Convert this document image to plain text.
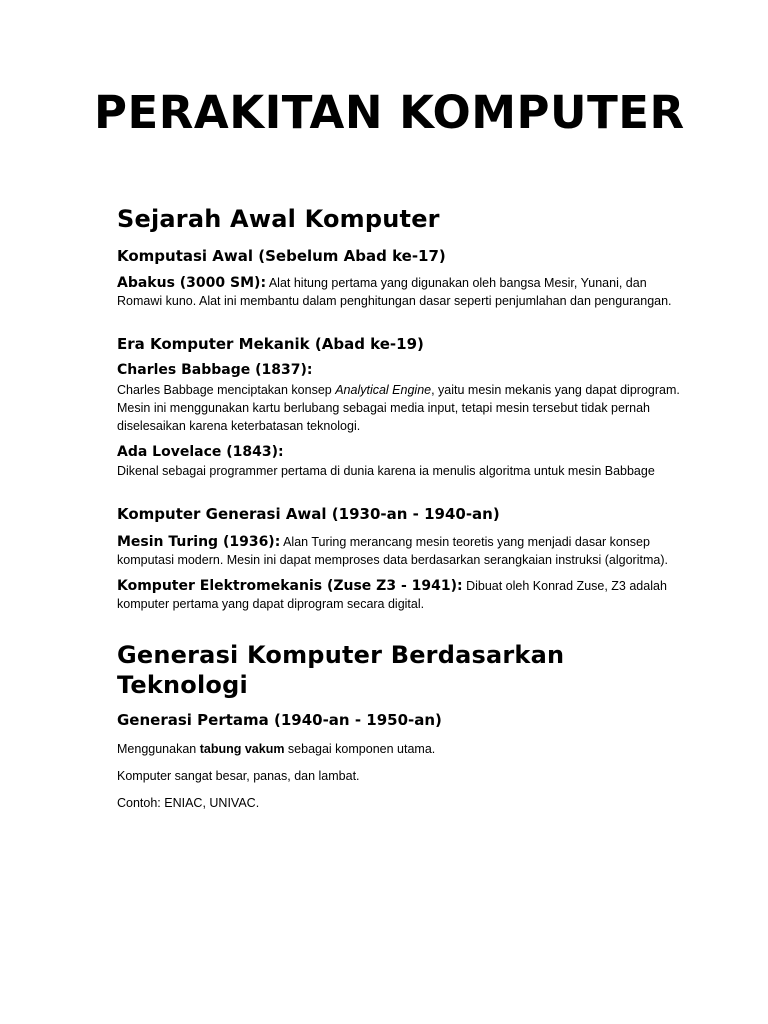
PERAKITAN KOMPUTER
Sejarah Awal Komputer
Komputasi Awal (Sebelum Abad ke-17)

Abakus (3000 SM): Alat hitung pertama yang digunakan oleh bangsa Mesir, Yunani, dan Romawi kuno. Alat ini membantu dalam penghitungan dasar seperti penjumlahan dan pengurangan.

Era Komputer Mekanik (Abad ke-19)
Charles Babbage (1837):

Charles Babbage menciptakan konsep Analytical Engine, yaitu mesin mekanis yang dapat diprogram. Mesin ini menggunakan kartu berlubang sebagai media input, tetapi mesin tersebut tidak pernah diselesaikan karena keterbatasan teknologi.

Ada Lovelace (1843):

Dikenal sebagai programmer pertama di dunia karena ia menulis algoritma untuk mesin Babbage

Komputer Generasi Awal (1930-an - 1940-an)

Mesin Turing (1936): Alan Turing merancang mesin teoretis yang menjadi dasar konsep komputasi modern. Mesin ini dapat memproses data berdasarkan serangkaian instruksi (algoritma).

Komputer Elektromekanis (Zuse Z3 - 1941): Dibuat oleh Konrad Zuse, Z3 adalah komputer pertama yang dapat diprogram secara digital.

Generasi Komputer Berdasarkan Teknologi
Generasi Pertama (1940-an - 1950-an)

Menggunakan tabung vakum sebagai komponen utama.

Komputer sangat besar, panas, dan lambat.

Contoh: ENIAC, UNIVAC.
